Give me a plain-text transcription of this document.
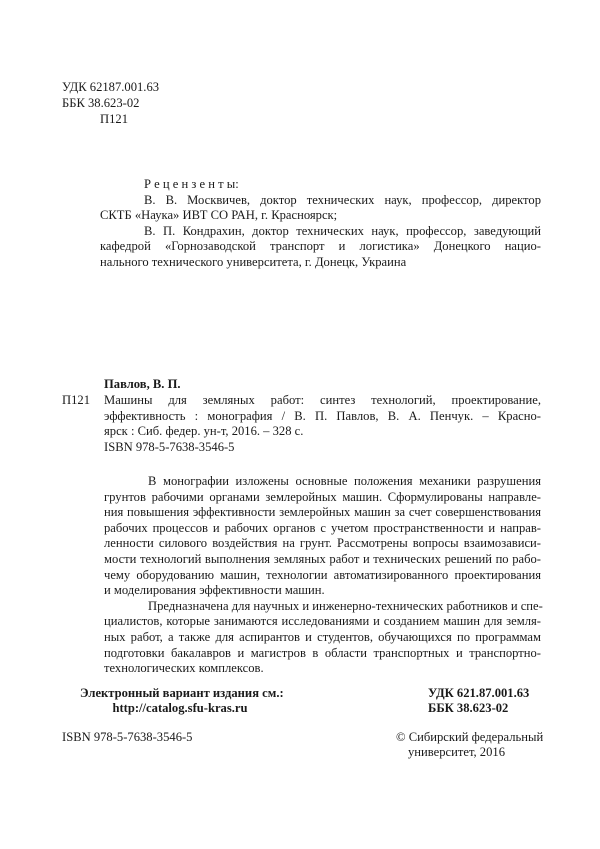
УДК 62187.001.63
ББК 38.623-02
П121
Р е ц е н з е н т ы:
В. В. Москвичев, доктор технических наук, профессор, директор
СКТБ «Наука» ИВТ СО РАН, г. Красноярск;
В. П. Кондрахин, доктор технических наук, профессор, заведующий
кафедрой «Горнозаводской транспорт и логистика» Донецкого нацио-
нального технического университета, г. Донецк, Украина
Павлов, В. П.
П121 Машины для земляных работ: синтез технологий, проектирование,
эффективность : монография / В. П. Павлов, В. А. Пенчук. – Красно-
ярск : Сиб. федер. ун-т, 2016. – 328 с.
ISBN 978-5-7638-3546-5
В монографии изложены основные положения механики разрушения
грунтов рабочими органами землеройных машин. Сформулированы направле-
ния повышения эффективности землеройных машин за счет совершенствования
рабочих процессов и рабочих органов с учетом пространственности и направ-
ленности силового воздействия на грунт. Рассмотрены вопросы взаимозависи-
мости технологий выполнения земляных работ и технических решений по рабо-
чему оборудованию машин, технологии автоматизированного проектирования
и моделирования эффективности машин.
Предназначена для научных и инженерно-технических работников и спе-
циалистов, которые занимаются исследованиями и созданием машин для земля-
ных работ, а также для аспирантов и студентов, обучающихся по программам
подготовки бакалавров и магистров в области транспортных и транспортно-
технологических комплексов.
Электронный вариант издания см.:
http://catalog.sfu-kras.ru
УДК 621.87.001.63
ББК 38.623-02
ISBN 978-5-7638-3546-5	© Сибирский федеральный
университет, 2016
